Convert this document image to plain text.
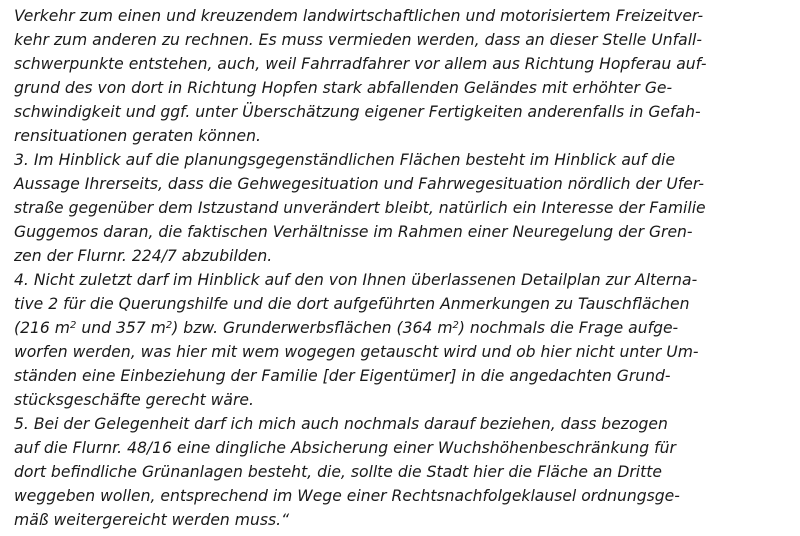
Verkehr zum einen und kreuzendem landwirtschaftlichen und motorisiertem Freizeitver-
kehr zum anderen zu rechnen. Es muss vermieden werden, dass an dieser Stelle Unfall-
schwerpunkte entstehen, auch, weil Fahrradfahrer vor allem aus Richtung Hopferau auf-
grund des von dort in Richtung Hopfen stark abfallenden Geländes mit erhöhter Ge-
schwindigkeit und ggf. unter Überschätzung eigener Fertigkeiten anderenfalls in Gefah-
rensituationen geraten können.
3. Im Hinblick auf die planungsgegenständlichen Flächen besteht im Hinblick auf die
Aussage Ihrerseits, dass die Gehwegesituation und Fahrwegesituation nördlich der Ufer-
straße gegenüber dem Istzustand unverändert bleibt, natürlich ein Interesse der Familie
Guggemos daran, die faktischen Verhältnisse im Rahmen einer Neuregelung der Gren-
zen der Flurnr. 224/7 abzubilden.
4. Nicht zuletzt darf im Hinblick auf den von Ihnen überlassenen Detailplan zur Alterna-
tive 2 für die Querungshilfe und die dort aufgeführten Anmerkungen zu Tauschflächen
(216 $m^2$ und 357 $m^2$) bzw. Grunderwerbsflächen (364 $m^2$) nochmals die Frage aufge-
worfen werden, was hier mit wem wogegen getauscht wird und ob hier nicht unter Um-
ständen eine Einbeziehung der Familie [der Eigentümer] in die angedachten Grund-
stücksgeschäfte gerecht wäre.
5. Bei der Gelegenheit darf ich mich auch nochmals darauf beziehen, dass bezogen
auf die Flurnr. 48/16 eine dingliche Absicherung einer Wuchshöhenbeschränkung für
dort befindliche Grünanlagen besteht, die, sollte die Stadt hier die Fläche an Dritte
weggeben wollen, entsprechend im Wege einer Rechtsnachfolgeklausel ordnungsge-
mäß weitergereicht werden muss.“
